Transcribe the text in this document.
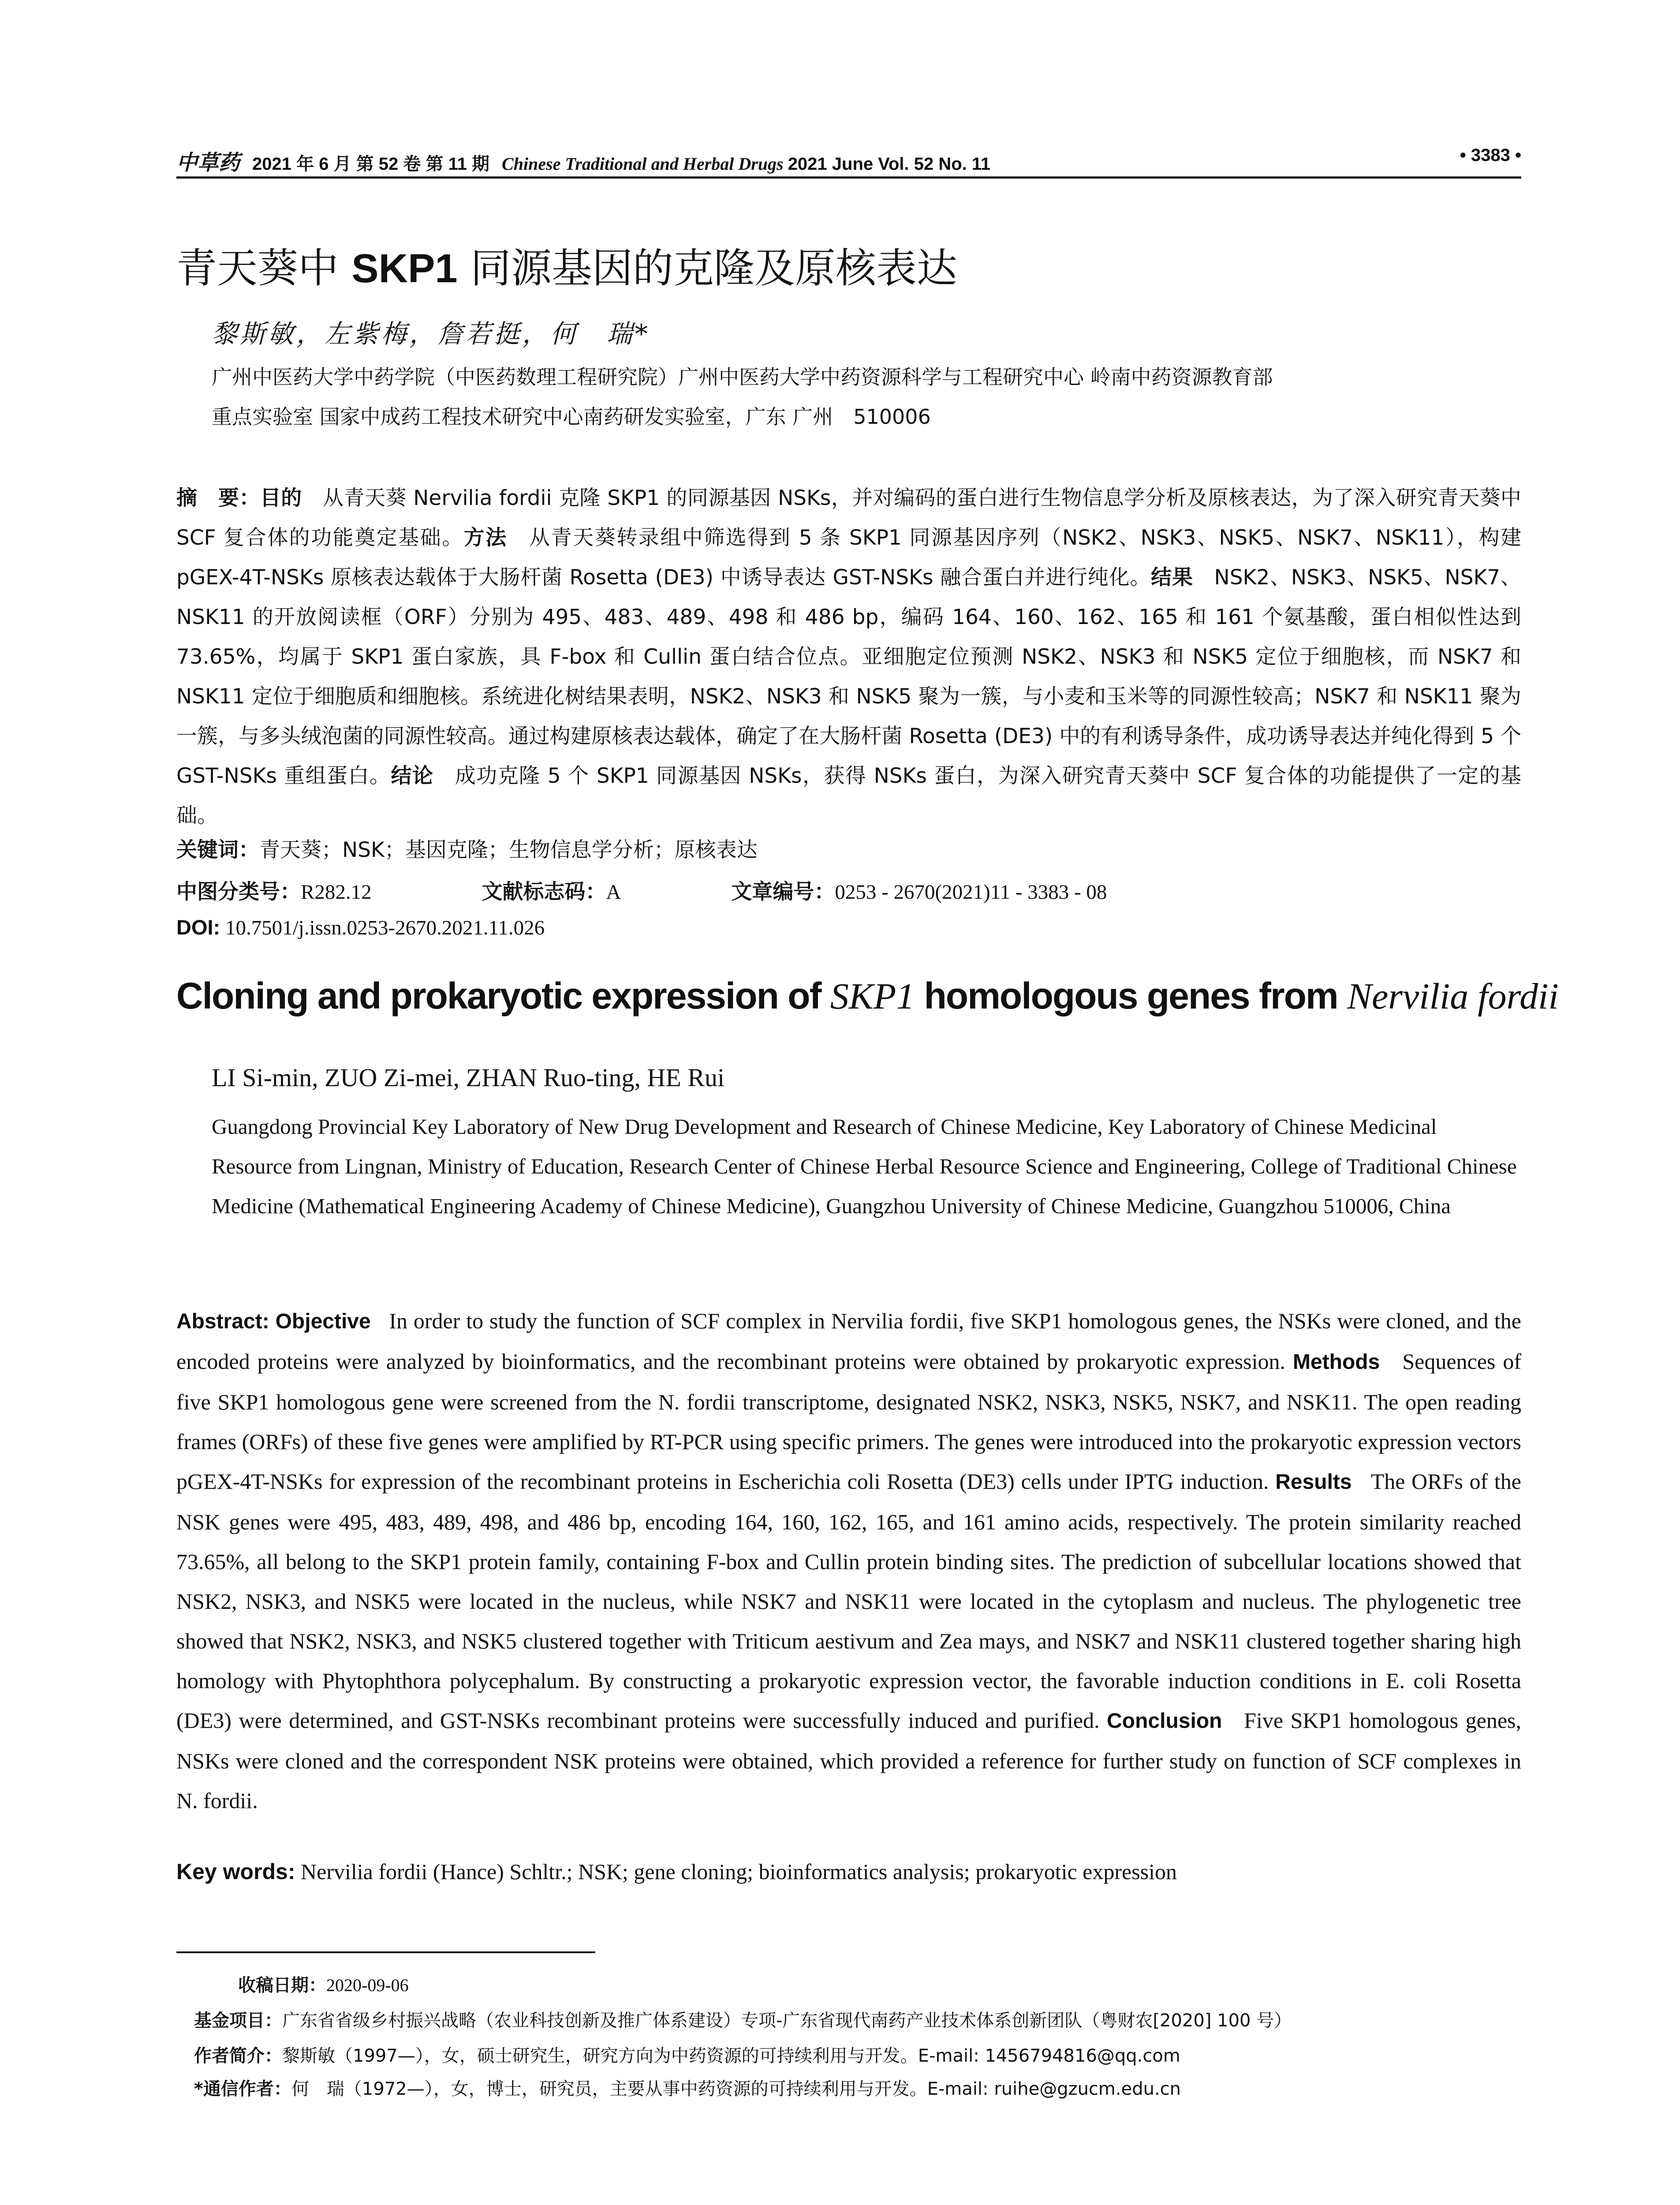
中草药 2021 年 6 月 第 52 卷 第 11 期 Chinese Traditional and Herbal Drugs 2021 June Vol. 52 No. 11	• 3383 •
青天葵中 SKP1 同源基因的克隆及原核表达
黎斯敏，左紫梅，詹若挺，何　瑞*
广州中医药大学中药学院（中医药数理工程研究院）广州中医药大学中药资源科学与工程研究中心 岭南中药资源教育部
重点实验室 国家中成药工程技术研究中心南药研发实验室，广东 广州　510006
摘　要：目的　从青天葵 Nervilia fordii 克隆 SKP1 的同源基因 NSKs，并对编码的蛋白进行生物信息学分析及原核表达，为了深入研究青天葵中 SCF 复合体的功能奠定基础。方法　从青天葵转录组中筛选得到 5 条 SKP1 同源基因序列（NSK2、NSK3、NSK5、NSK7、NSK11），构建 pGEX-4T-NSKs 原核表达载体于大肠杆菌 Rosetta (DE3) 中诱导表达 GST-NSKs 融合蛋白并进行纯化。结果　NSK2、NSK3、NSK5、NSK7、NSK11 的开放阅读框（ORF）分别为 495、483、489、498 和 486 bp，编码 164、160、162、165 和 161 个氨基酸，蛋白相似性达到 73.65%，均属于 SKP1 蛋白家族，具 F-box 和 Cullin 蛋白结合位点。亚细胞定位预测 NSK2、NSK3 和 NSK5 定位于细胞核，而 NSK7 和 NSK11 定位于细胞质和细胞核。系统进化树结果表明，NSK2、NSK3 和 NSK5 聚为一簇，与小麦和玉米等的同源性较高；NSK7 和 NSK11 聚为一簇，与多头绒泡菌的同源性较高。通过构建原核表达载体，确定了在大肠杆菌 Rosetta (DE3) 中的有利诱导条件，成功诱导表达并纯化得到 5 个 GST-NSKs 重组蛋白。结论　成功克隆 5 个 SKP1 同源基因 NSKs，获得 NSKs 蛋白，为深入研究青天葵中 SCF 复合体的功能提供了一定的基础。
关键词：青天葵；NSK；基因克隆；生物信息学分析；原核表达
中图分类号：R282.12	文献标志码：A	文章编号：0253 - 2670(2021)11 - 3383 - 08
DOI: 10.7501/j.issn.0253-2670.2021.11.026
Cloning and prokaryotic expression of SKP1 homologous genes from Nervilia fordii
LI Si-min, ZUO Zi-mei, ZHAN Ruo-ting, HE Rui
Guangdong Provincial Key Laboratory of New Drug Development and Research of Chinese Medicine, Key Laboratory of Chinese Medicinal Resource from Lingnan, Ministry of Education, Research Center of Chinese Herbal Resource Science and Engineering, College of Traditional Chinese Medicine (Mathematical Engineering Academy of Chinese Medicine), Guangzhou University of Chinese Medicine, Guangzhou 510006, China
Abstract: Objective In order to study the function of SCF complex in Nervilia fordii, five SKP1 homologous genes, the NSKs were cloned, and the encoded proteins were analyzed by bioinformatics, and the recombinant proteins were obtained by prokaryotic expression. Methods Sequences of five SKP1 homologous gene were screened from the N. fordii transcriptome, designated NSK2, NSK3, NSK5, NSK7, and NSK11. The open reading frames (ORFs) of these five genes were amplified by RT-PCR using specific primers. The genes were introduced into the prokaryotic expression vectors pGEX-4T-NSKs for expression of the recombinant proteins in Escherichia coli Rosetta (DE3) cells under IPTG induction. Results The ORFs of the NSK genes were 495, 483, 489, 498, and 486 bp, encoding 164, 160, 162, 165, and 161 amino acids, respectively. The protein similarity reached 73.65%, all belong to the SKP1 protein family, containing F-box and Cullin protein binding sites. The prediction of subcellular locations showed that NSK2, NSK3, and NSK5 were located in the nucleus, while NSK7 and NSK11 were located in the cytoplasm and nucleus. The phylogenetic tree showed that NSK2, NSK3, and NSK5 clustered together with Triticum aestivum and Zea mays, and NSK7 and NSK11 clustered together sharing high homology with Phytophthora polycephalum. By constructing a prokaryotic expression vector, the favorable induction conditions in E. coli Rosetta (DE3) were determined, and GST-NSKs recombinant proteins were successfully induced and purified. Conclusion Five SKP1 homologous genes, NSKs were cloned and the correspondent NSK proteins were obtained, which provided a reference for further study on function of SCF complexes in N. fordii.
Key words: Nervilia fordii (Hance) Schltr.; NSK; gene cloning; bioinformatics analysis; prokaryotic expression
收稿日期：2020-09-06
基金项目：广东省省级乡村振兴战略（农业科技创新及推广体系建设）专项-广东省现代南药产业技术体系创新团队（粤财农[2020] 100 号）
作者简介：黎斯敏（1997—），女，硕士研究生，研究方向为中药资源的可持续利用与开发。E-mail: 1456794816@qq.com
*通信作者：何　瑞（1972—），女，博士，研究员，主要从事中药资源的可持续利用与开发。E-mail: ruihe@gzucm.edu.cn
